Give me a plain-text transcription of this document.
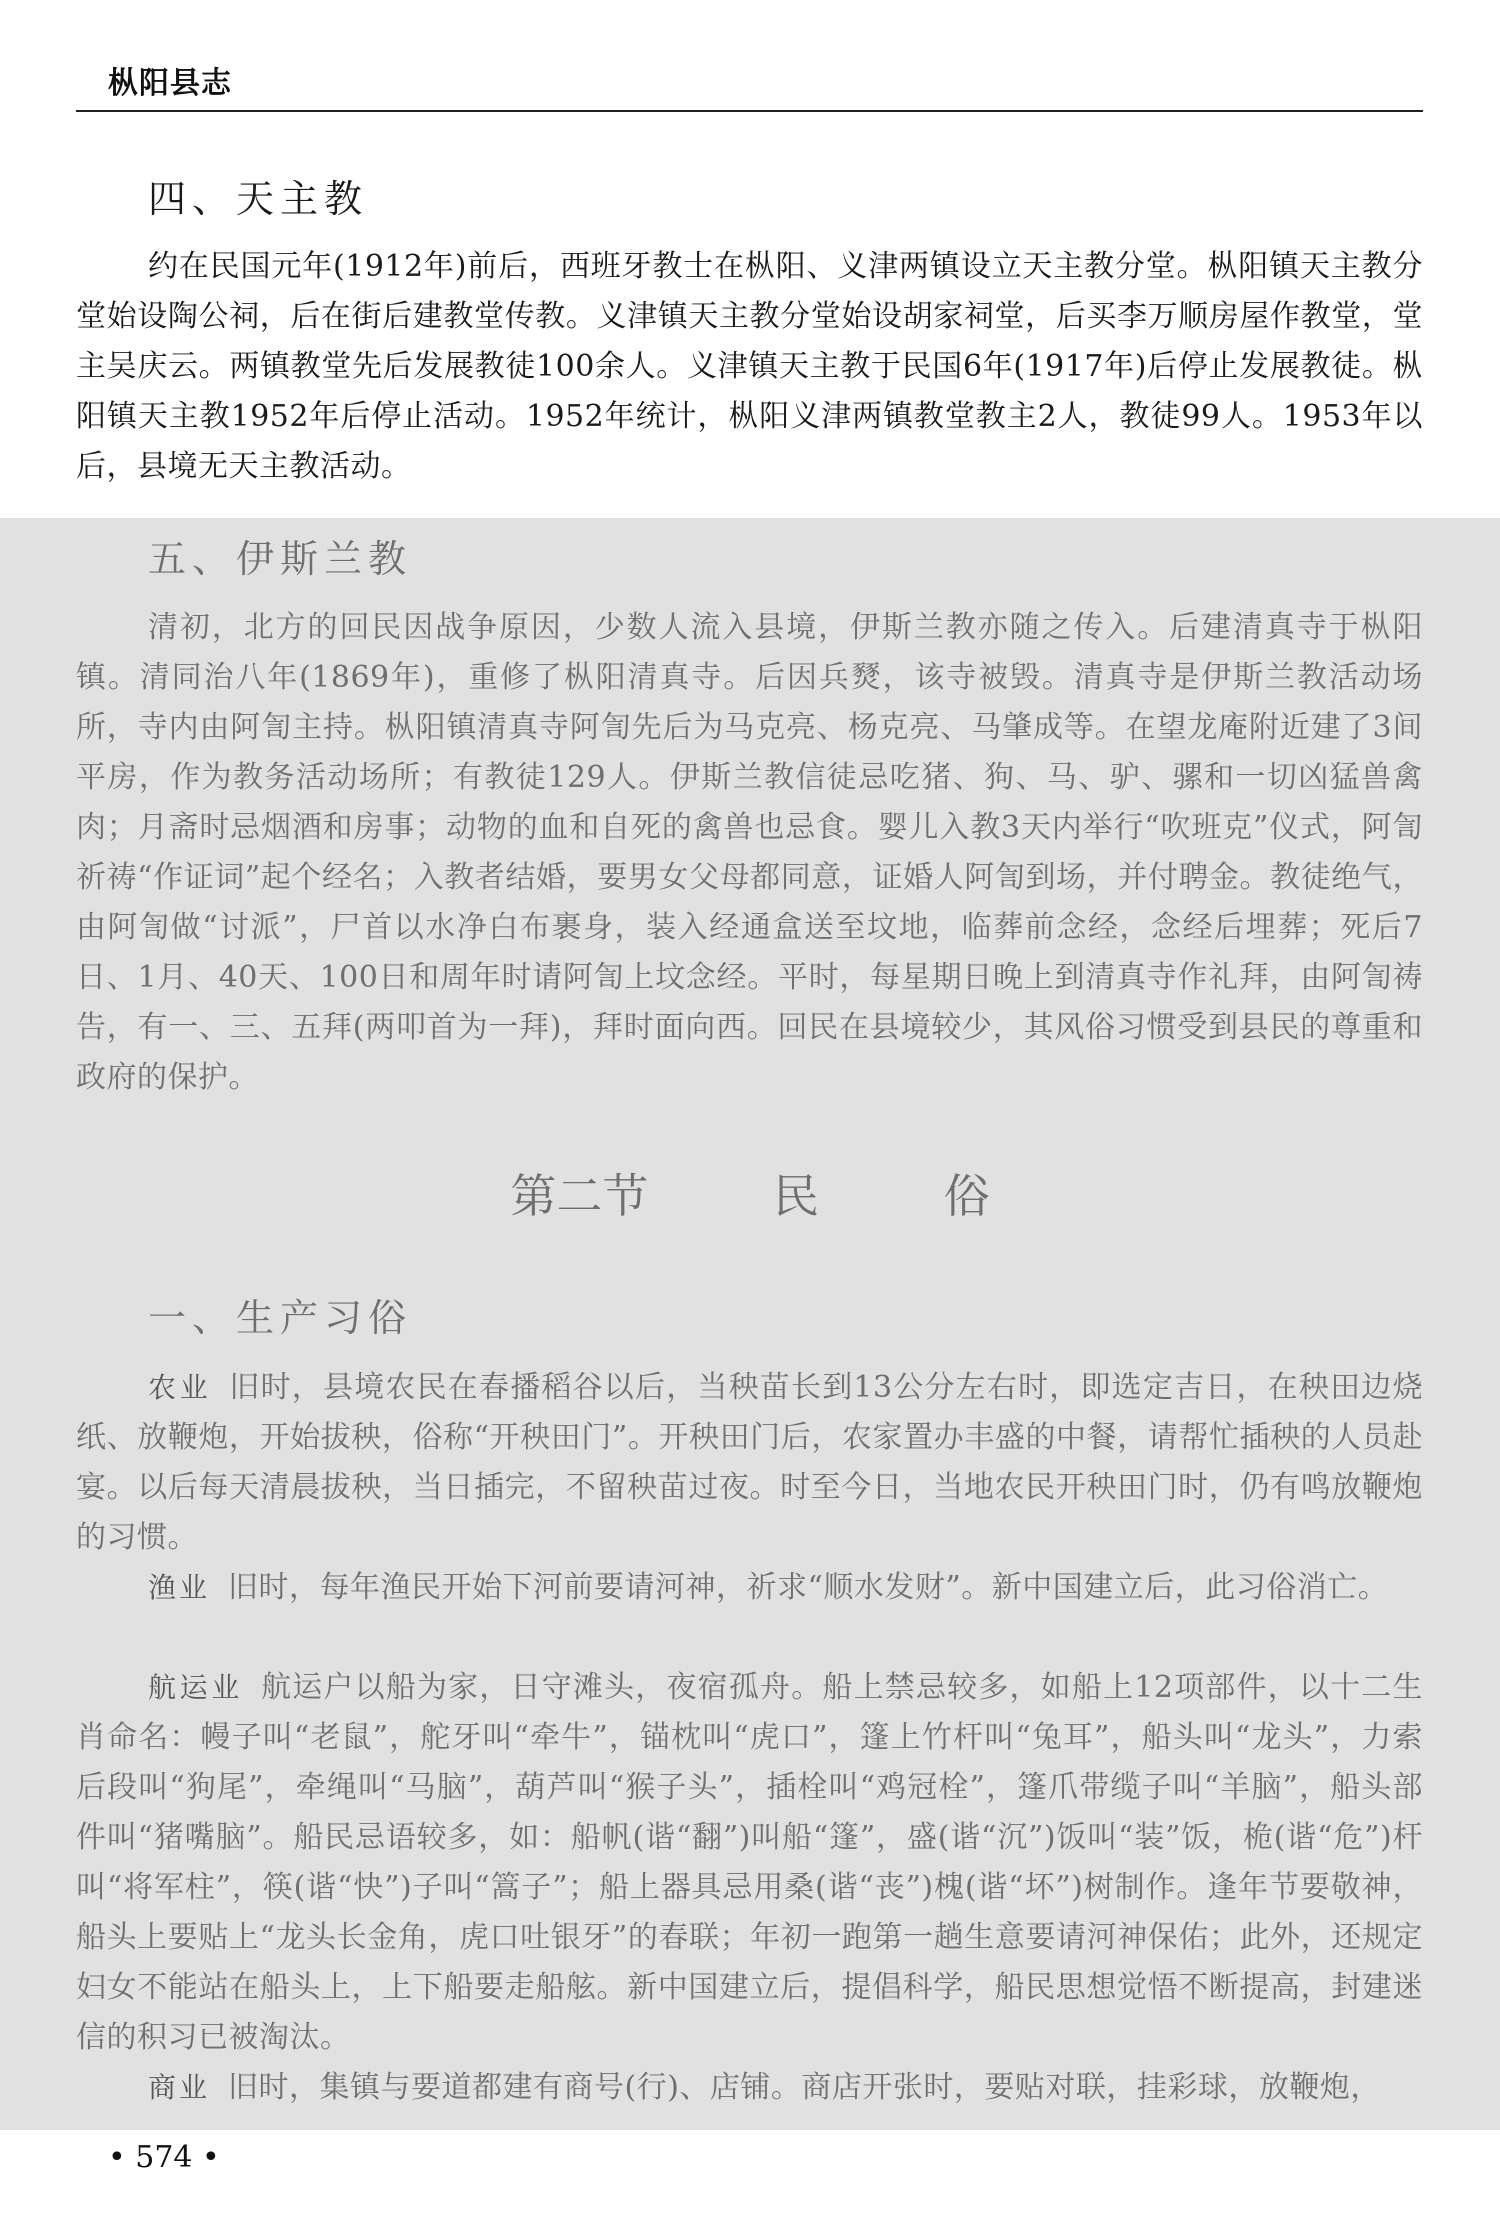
枞阳县志
四、天主教

约在民国元年(1912年)前后，西班牙教士在枞阳、义津两镇设立天主教分堂。枞阳镇天主教分堂始设陶公祠，后在街后建教堂传教。义津镇天主教分堂始设胡家祠堂，后买李万顺房屋作教堂，堂主吴庆云。两镇教堂先后发展教徒100余人。义津镇天主教于民国6年(1917年)后停止发展教徒。枞阳镇天主教1952年后停止活动。1952年统计，枞阳义津两镇教堂教主2人，教徒99人。1953年以后，县境无天主教活动。

五、伊斯兰教

清初，北方的回民因战争原因，少数人流入县境，伊斯兰教亦随之传入。后建清真寺于枞阳镇。清同治八年(1869年)，重修了枞阳清真寺。后因兵燹，该寺被毁。清真寺是伊斯兰教活动场所，寺内由阿訇主持。枞阳镇清真寺阿訇先后为马克亮、杨克亮、马肇成等。在望龙庵附近建了3间平房，作为教务活动场所；有教徒129人。伊斯兰教信徒忌吃猪、狗、马、驴、骡和一切凶猛兽禽肉；月斋时忌烟酒和房事；动物的血和自死的禽兽也忌食。婴儿入教3天内举行“吹班克”仪式，阿訇祈祷“作证词”起个经名；入教者结婚，要男女父母都同意，证婚人阿訇到场，并付聘金。教徒绝气，由阿訇做“讨派”，尸首以水净白布裹身，装入经通盒送至坟地，临葬前念经，念经后埋葬；死后7日、1月、40天、100日和周年时请阿訇上坟念经。平时，每星期日晚上到清真寺作礼拜，由阿訇祷告，有一、三、五拜(两叩首为一拜)，拜时面向西。回民在县境较少，其风俗习惯受到县民的尊重和政府的保护。

第二节	民	俗
一、生产习俗

农业 旧时，县境农民在春播稻谷以后，当秧苗长到13公分左右时，即选定吉日，在秧田边烧纸、放鞭炮，开始拔秧，俗称“开秧田门”。开秧田门后，农家置办丰盛的中餐，请帮忙插秧的人员赴宴。以后每天清晨拔秧，当日插完，不留秧苗过夜。时至今日，当地农民开秧田门时，仍有鸣放鞭炮的习惯。

渔业 旧时，每年渔民开始下河前要请河神，祈求“顺水发财”。新中国建立后，此习俗消亡。

航运业 航运户以船为家，日守滩头，夜宿孤舟。船上禁忌较多，如船上12项部件，以十二生肖命名：幔子叫“老鼠”，舵牙叫“牵牛”，锚枕叫“虎口”，篷上竹杆叫“兔耳”，船头叫“龙头”，力索后段叫“狗尾”，牵绳叫“马脑”，葫芦叫“猴子头”，插栓叫“鸡冠栓”，篷爪带缆子叫“羊脑”，船头部件叫“猪嘴脑”。船民忌语较多，如：船帆(谐“翻”)叫船“篷”，盛(谐“沉”)饭叫“装”饭，桅(谐“危”)杆叫“将军柱”，筷(谐“快”)子叫“篙子”；船上器具忌用桑(谐“丧”)槐(谐“坏”)树制作。逢年节要敬神，船头上要贴上“龙头长金角，虎口吐银牙”的春联；年初一跑第一趟生意要请河神保佑；此外，还规定妇女不能站在船头上，上下船要走船舷。新中国建立后，提倡科学，船民思想觉悟不断提高，封建迷信的积习已被淘汰。

商业 旧时，集镇与要道都建有商号(行)、店铺。商店开张时，要贴对联，挂彩球，放鞭炮，

• 574 •
